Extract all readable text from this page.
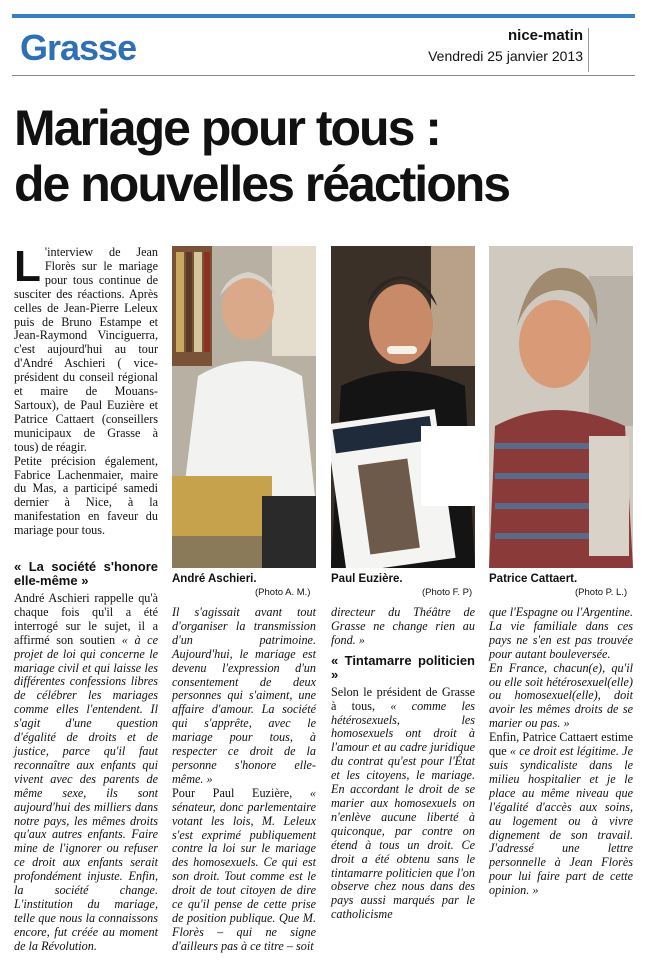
Grasse	nice-matin
Vendredi 25 janvier 2013
Mariage pour tous :
de nouvelles réactions

L 'interview de Jean Florès sur le mariage pour tous continue de susciter des réactions. Après celles de Jean-Pierre Leleux puis de Bruno Estampe et Jean-Raymond Vinciguerra, c'est aujourd'hui au tour d'André Aschieri ( vice-président du conseil régional et maire de Mouans-Sartoux), de Paul Euzière et Patrice Cattaert (conseillers municipaux de Grasse à tous) de réagir.

Petite précision également, Fabrice Lachenmaier, maire du Mas, a participé samedi dernier à Nice, à la manifestation en faveur du mariage pour tous.

André Aschieri.
(Photo A. M.)
Paul Euzière.
(Photo F. P)
Patrice Cattaert.
(Photo P. L.)
« La société s'honore elle-même »

André Aschieri rappelle qu'à chaque fois qu'il a été interrogé sur le sujet, il a affirmé son soutien « à ce projet de loi qui concerne le mariage civil et qui laisse les différentes confessions libres de célébrer les mariages comme elles l'entendent. Il s'agit d'une question d'égalité de droits et de justice, parce qu'il faut reconnaître aux enfants qui vivent avec des parents de même sexe, ils sont aujourd'hui des milliers dans notre pays, les mêmes droits qu'aux autres enfants. Faire mine de l'ignorer ou refuser ce droit aux enfants serait profondément injuste. Enfin, la société change. L'institution du mariage, telle que nous la connaissons encore, fut créée au moment de la Révolution.

Il s'agissait avant tout d'organiser la transmission d'un patrimoine. Aujourd'hui, le mariage est devenu l'expression d'un consentement de deux personnes qui s'aiment, une affaire d'amour. La société qui s'apprête, avec le mariage pour tous, à respecter ce droit de la personne s'honore elle-même. »

Pour Paul Euzière, « sénateur, donc parlementaire votant les lois, M. Leleux s'est exprimé publiquement contre la loi sur le mariage des homosexuels. Ce qui est son droit. Tout comme est le droit de tout citoyen de dire ce qu'il pense de cette prise de position publique. Que M. Florès – qui ne signe d'ailleurs pas à ce titre – soit

directeur du Théâtre de Grasse ne change rien au fond. »

« Tintamarre politicien »

Selon le président de Grasse à tous, « comme les hétérosexuels, les homosexuels ont droit à l'amour et au cadre juridique du contrat qu'est pour l'État et les citoyens, le mariage. En accordant le droit de se marier aux homosexuels on n'enlève aucune liberté à quiconque, par contre on étend à tous un droit. Ce droit a été obtenu sans le tintamarre politicien que l'on observe chez nous dans des pays aussi marqués par le catholicisme

que l'Espagne ou l'Argentine. La vie familiale dans ces pays ne s'en est pas trouvée pour autant bouleversée.

En France, chacun(e), qu'il ou elle soit hétérosexuel(elle) ou homosexuel(elle), doit avoir les mêmes droits de se marier ou pas. »

Enfin, Patrice Cattaert estime que « ce droit est légitime. Je suis syndicaliste dans le milieu hospitalier et je le place au même niveau que l'égalité d'accès aux soins, au logement ou à vivre dignement de son travail. J'adressé une lettre personnelle à Jean Florès pour lui faire part de cette opinion. »
